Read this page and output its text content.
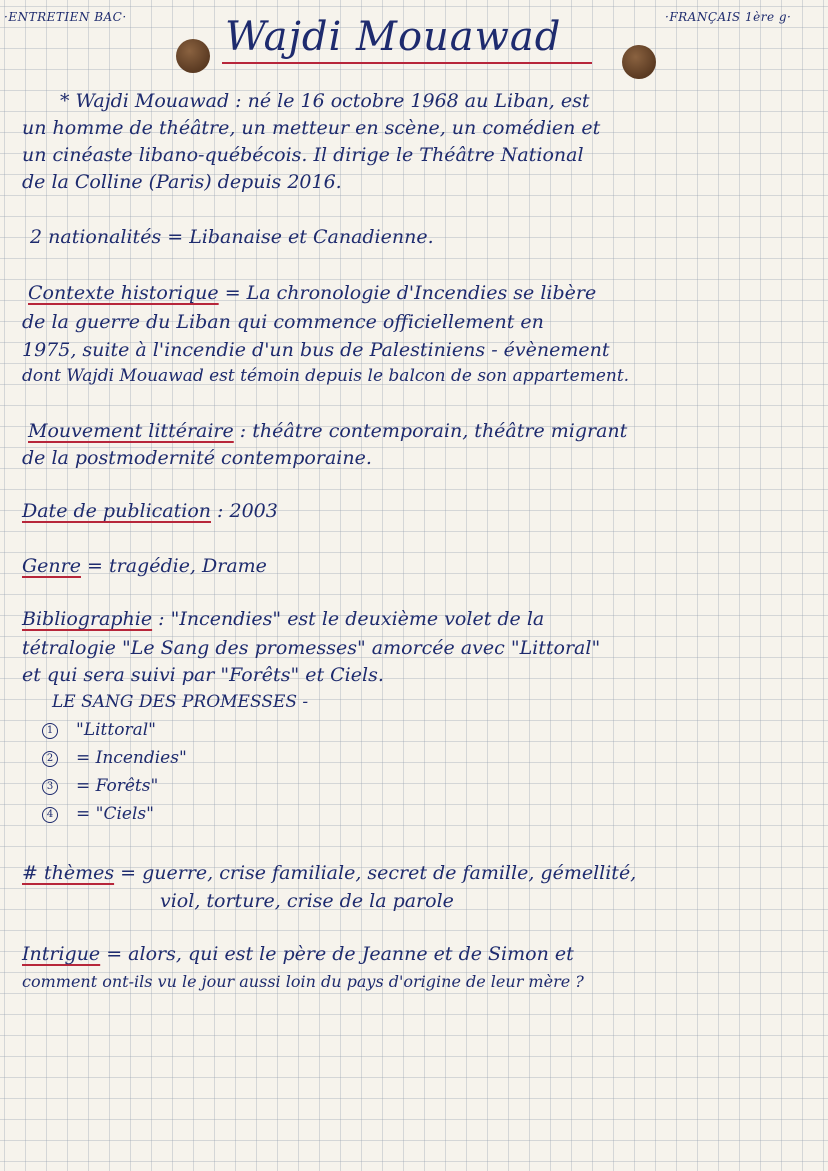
·ENTRETIEN BAC·	·FRANÇAIS 1ère g·
Wajdi Mouawad
* Wajdi Mouawad : né le 16 octobre 1968 au Liban, est
un homme de théâtre, un metteur en scène, un comédien et
un cinéaste libano-québécois. Il dirige le Théâtre National
de la Colline (Paris) depuis 2016.
2 nationalités = Libanaise et Canadienne.
Contexte historique = La chronologie d'Incendies se libère
de la guerre du Liban qui commence officiellement en
1975, suite à l'incendie d'un bus de Palestiniens - évènement
dont Wajdi Mouawad est témoin depuis le balcon de son appartement.
Mouvement littéraire : théâtre contemporain, théâtre migrant
de la postmodernité contemporaine.
Date de publication : 2003
Genre = tragédie, Drame
Bibliographie : "Incendies" est le deuxième volet de la
tétralogie "Le Sang des promesses" amorcée avec "Littoral"
et qui sera suivi par "Forêts" et Ciels.
LE SANG DES PROMESSES -
1 "Littoral"
2 = Incendies"
3 = Forêts"
4 = "Ciels"
# thèmes = guerre, crise familiale, secret de famille, gémellité,
viol, torture, crise de la parole
Intrigue = alors, qui est le père de Jeanne et de Simon et
comment ont-ils vu le jour aussi loin du pays d'origine de leur mère ?
